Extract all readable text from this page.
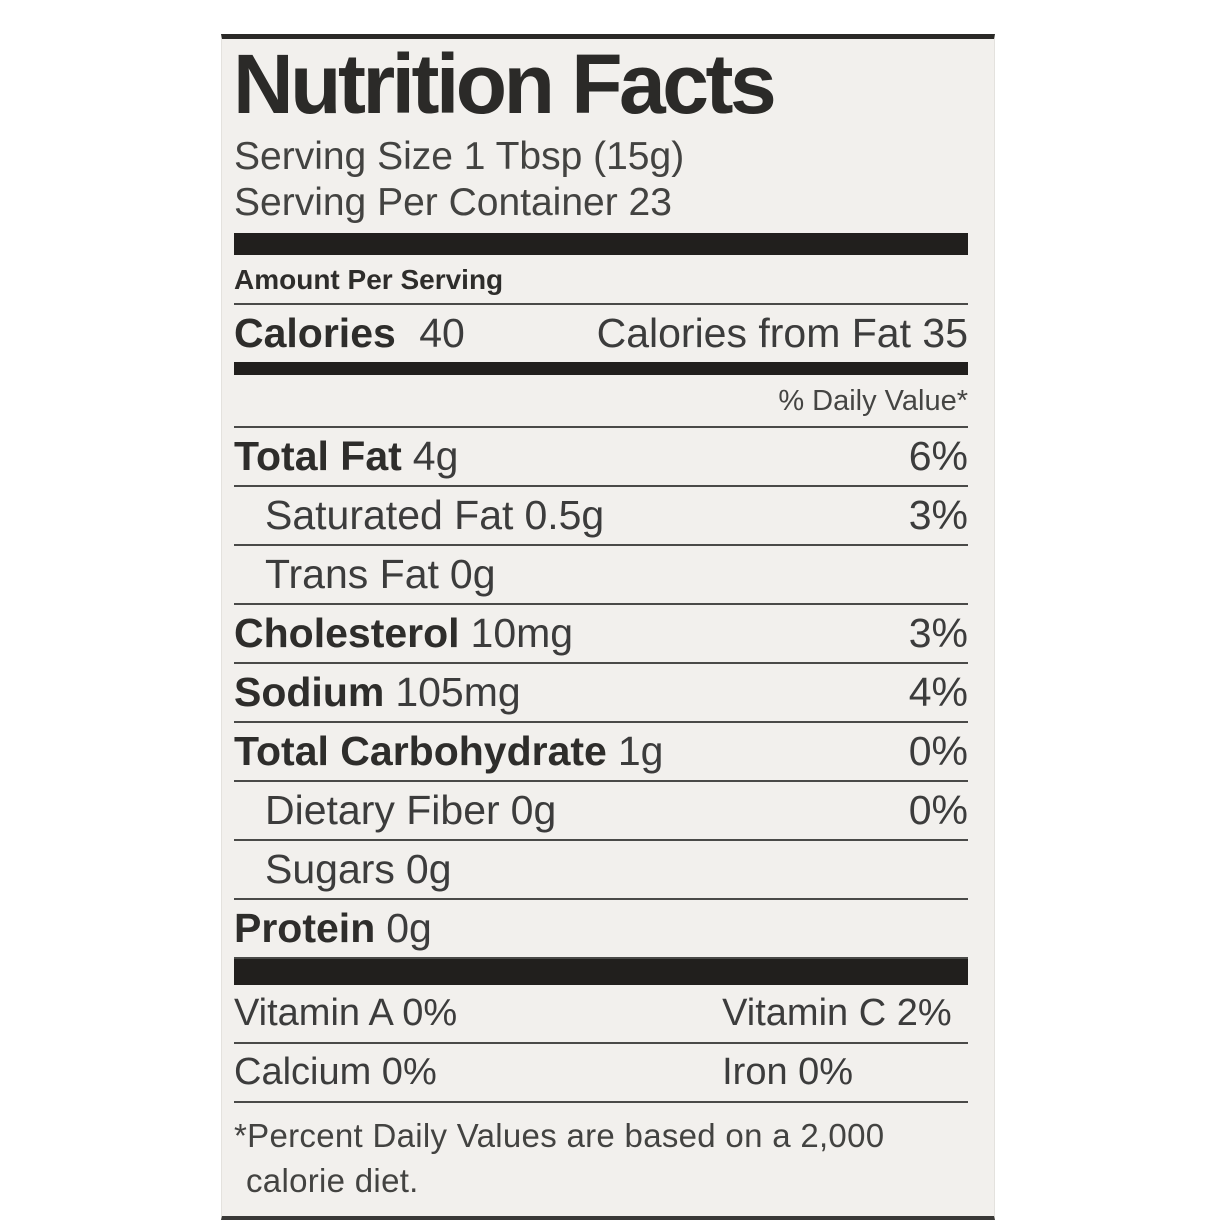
Nutrition Facts
Serving Size 1 Tbsp (15g)
Serving Per Container 23
Amount Per Serving
Calories 40	Calories from Fat 35
% Daily Value*
Total Fat 4g	6%
Saturated Fat 0.5g	3%
Trans Fat 0g
Cholesterol 10mg	3%
Sodium 105mg	4%
Total Carbohydrate 1g	0%
Dietary Fiber 0g	0%
Sugars 0g
Protein 0g
Vitamin A 0%	Vitamin C 2%
Calcium 0%	Iron 0%
*Percent Daily Values are based on a 2,000 calorie diet.
